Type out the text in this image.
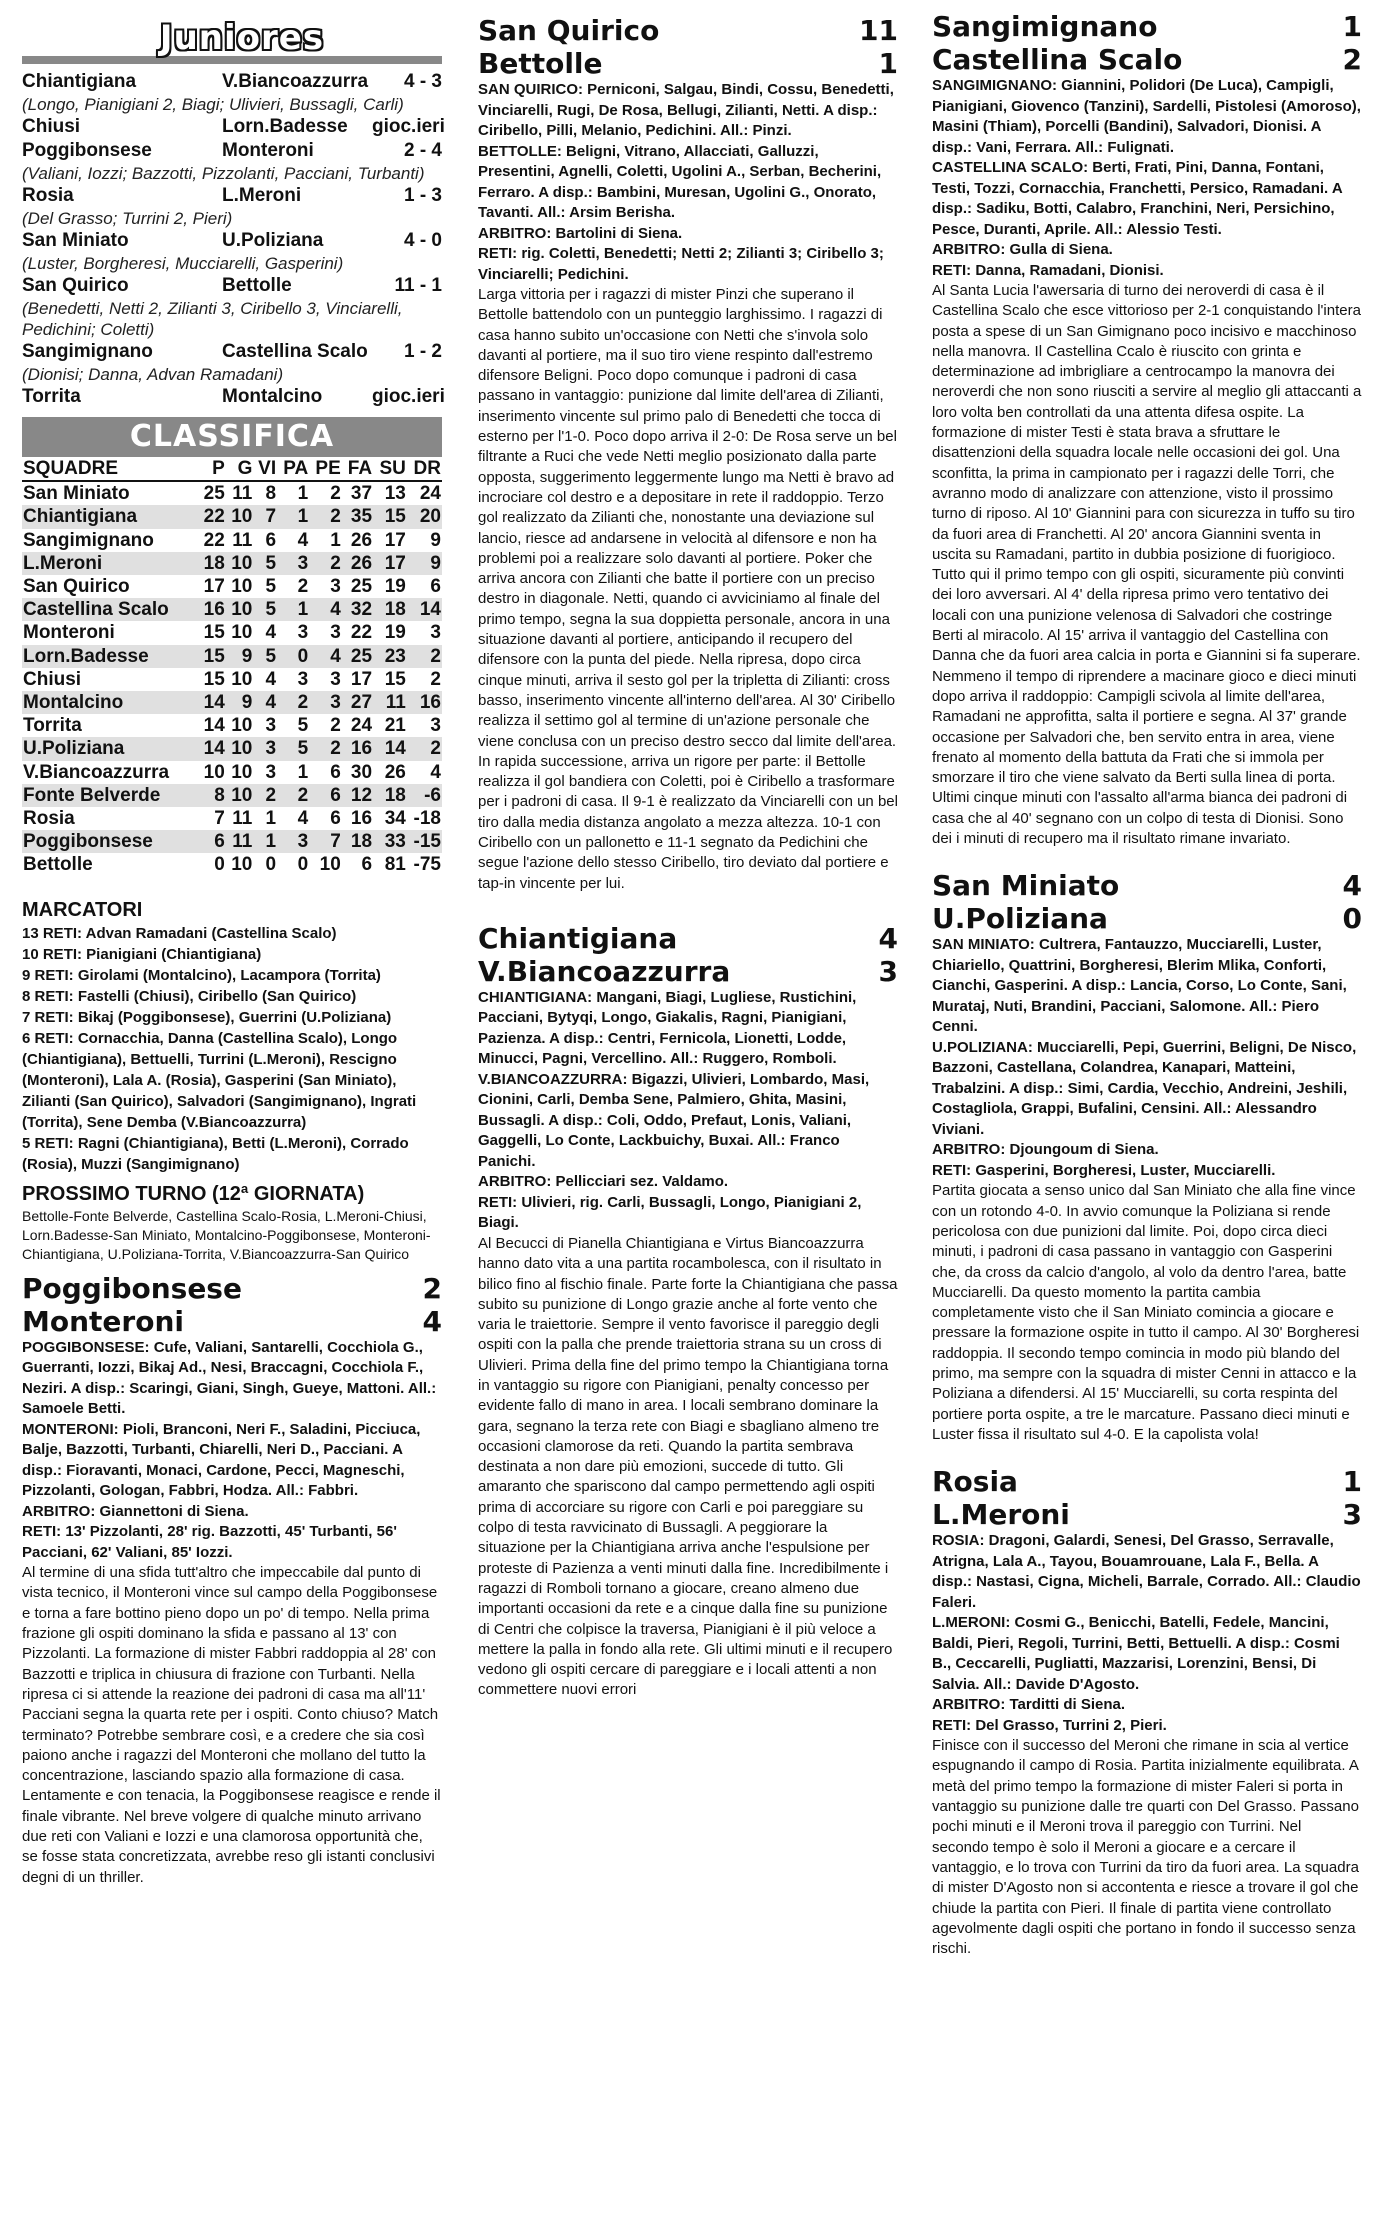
Juniores
Chiantigiana	V.Biancoazzurra	4 - 3
(Longo, Pianigiani 2, Biagi; Ulivieri, Bussagli, Carli)
Chiusi	Lorn.Badesse	gioc.ieri
Poggibonsese	Monteroni	2 - 4
(Valiani, Iozzi; Bazzotti, Pizzolanti, Pacciani, Turbanti)
Rosia	L.Meroni	1 - 3
(Del Grasso; Turrini 2, Pieri)
San Miniato	U.Poliziana	4 - 0
(Luster, Borgheresi, Mucciarelli, Gasperini)
San Quirico	Bettolle	11 - 1
(Benedetti, Netti 2, Zilianti 3, Ciribello 3, Vinciarelli, Pedichini; Coletti)
Sangimignano	Castellina Scalo	1 - 2
(Dionisi; Danna, Advan Ramadani)
Torrita	Montalcino	gioc.ieri
CLASSIFICA
SQUADRE	P	G	VI	PA	PE	FA	SU	DR
San Miniato	25	11	8	1	2	37	13	24
Chiantigiana	22	10	7	1	2	35	15	20
Sangimignano	22	11	6	4	1	26	17	9
L.Meroni	18	10	5	3	2	26	17	9
San Quirico	17	10	5	2	3	25	19	6
Castellina Scalo	16	10	5	1	4	32	18	14
Monteroni	15	10	4	3	3	22	19	3
Lorn.Badesse	15	9	5	0	4	25	23	2
Chiusi	15	10	4	3	3	17	15	2
Montalcino	14	9	4	2	3	27	11	16
Torrita	14	10	3	5	2	24	21	3
U.Poliziana	14	10	3	5	2	16	14	2
V.Biancoazzurra	10	10	3	1	6	30	26	4
Fonte Belverde	8	10	2	2	6	12	18	-6
Rosia	7	11	1	4	6	16	34	-18
Poggibonsese	6	11	1	3	7	18	33	-15
Bettolle	0	10	0	0	10	6	81	-75
MARCATORI
13 RETI: Advan Ramadani (Castellina Scalo)
10 RETI: Pianigiani (Chiantigiana)
9 RETI: Girolami (Montalcino), Lacampora (Torrita)
8 RETI: Fastelli (Chiusi), Ciribello (San Quirico)
7 RETI: Bikaj (Poggibonsese), Guerrini (U.Poliziana)
6 RETI: Cornacchia, Danna (Castellina Scalo), Longo (Chiantigiana), Bettuelli, Turrini (L.Meroni), Rescigno (Monteroni), Lala A. (Rosia), Gasperini (San Miniato), Zilianti (San Quirico), Salvadori (Sangimignano), Ingrati (Torrita), Sene Demba (V.Biancoazzurra)
5 RETI: Ragni (Chiantigiana), Betti (L.Meroni), Corrado (Rosia), Muzzi (Sangimignano)
PROSSIMO TURNO (12ª GIORNATA)
Bettolle-Fonte Belverde, Castellina Scalo-Rosia, L.Meroni-Chiusi, Lorn.Badesse-San Miniato, Montalcino-Poggibonsese, Monteroni-Chiantigiana, U.Poliziana-Torrita, V.Biancoazzurra-San Quirico
Poggibonsese	2
Monteroni	4

POGGIBONSESE: Cufe, Valiani, Santarelli, Cocchiola G., Guerranti, Iozzi, Bikaj Ad., Nesi, Braccagni, Cocchiola F., Neziri. A disp.: Scaringi, Giani, Singh, Gueye, Mattoni. All.: Samoele Betti.

MONTERONI: Pioli, Branconi, Neri F., Saladini, Picciuca, Balje, Bazzotti, Turbanti, Chiarelli, Neri D., Pacciani. A disp.: Fioravanti, Monaci, Cardone, Pecci, Magneschi, Pizzolanti, Gologan, Fabbri, Hodza. All.: Fabbri.

ARBITRO: Giannettoni di Siena.

RETI: 13' Pizzolanti, 28' rig. Bazzotti, 45' Turbanti, 56' Pacciani, 62' Valiani, 85' Iozzi.

Al termine di una sfida tutt'altro che impeccabile dal punto di vista tecnico, il Monteroni vince sul campo della Poggibonsese e torna a fare bottino pieno dopo un po' di tempo. Nella prima frazione gli ospiti dominano la sfida e passano al 13' con Pizzolanti. La formazione di mister Fabbri raddoppia al 28' con Bazzotti e triplica in chiusura di frazione con Turbanti. Nella ripresa ci si attende la reazione dei padroni di casa ma all'11' Pacciani segna la quarta rete per i ospiti. Conto chiuso? Match terminato? Potrebbe sembrare così, e a credere che sia così paiono anche i ragazzi del Monteroni che mollano del tutto la concentrazione, lasciando spazio alla formazione di casa. Lentamente e con tenacia, la Poggibonsese reagisce e rende il finale vibrante. Nel breve volgere di qualche minuto arrivano due reti con Valiani e Iozzi e una clamorosa opportunità che, se fosse stata concretizzata, avrebbe reso gli istanti conclusivi degni di un thriller.
San Quirico	11
Bettolle	1

SAN QUIRICO: Perniconi, Salgau, Bindi, Cossu, Benedetti, Vinciarelli, Rugi, De Rosa, Bellugi, Zilianti, Netti. A disp.: Ciribello, Pilli, Melanio, Pedichini. All.: Pinzi.

BETTOLLE: Beligni, Vitrano, Allacciati, Galluzzi, Presentini, Agnelli, Coletti, Ugolini A., Serban, Becherini, Ferraro. A disp.: Bambini, Muresan, Ugolini G., Onorato, Tavanti. All.: Arsim Berisha.

ARBITRO: Bartolini di Siena.

RETI: rig. Coletti, Benedetti; Netti 2; Zilianti 3; Ciribello 3; Vinciarelli; Pedichini.

Larga vittoria per i ragazzi di mister Pinzi che superano il Bettolle battendolo con un punteggio larghissimo. I ragazzi di casa hanno subito un'occasione con Netti che s'invola solo davanti al portiere, ma il suo tiro viene respinto dall'estremo difensore Beligni. Poco dopo comunque i padroni di casa passano in vantaggio: punizione dal limite dell'area di Zilianti, inserimento vincente sul primo palo di Benedetti che tocca di esterno per l'1-0. Poco dopo arriva il 2-0: De Rosa serve un bel filtrante a Ruci che vede Netti meglio posizionato dalla parte opposta, suggerimento leggermente lungo ma Netti è bravo ad incrociare col destro e a depositare in rete il raddoppio. Terzo gol realizzato da Zilianti che, nonostante una deviazione sul lancio, riesce ad andarsene in velocità al difensore e non ha problemi poi a realizzare solo davanti al portiere. Poker che arriva ancora con Zilianti che batte il portiere con un preciso destro in diagonale. Netti, quando ci avviciniamo al finale del primo tempo, segna la sua doppietta personale, ancora in una situazione davanti al portiere, anticipando il recupero del difensore con la punta del piede. Nella ripresa, dopo circa cinque minuti, arriva il sesto gol per la tripletta di Zilianti: cross basso, inserimento vincente all'interno dell'area. Al 30' Ciribello realizza il settimo gol al termine di un'azione personale che viene conclusa con un preciso destro secco dal limite dell'area. In rapida successione, arriva un rigore per parte: il Bettolle realizza il gol bandiera con Coletti, poi è Ciribello a trasformare per i padroni di casa. Il 9-1 è realizzato da Vinciarelli con un bel tiro dalla media distanza angolato a mezza altezza. 10-1 con Ciribello con un pallonetto e 11-1 segnato da Pedichini che segue l'azione dello stesso Ciribello, tiro deviato dal portiere e tap-in vincente per lui.
Chiantigiana	4
V.Biancoazzurra	3

CHIANTIGIANA: Mangani, Biagi, Lugliese, Rustichini, Pacciani, Bytyqi, Longo, Giakalis, Ragni, Pianigiani, Pazienza. A disp.: Centri, Fernicola, Lionetti, Lodde, Minucci, Pagni, Vercellino. All.: Ruggero, Romboli.

V.BIANCOAZZURRA: Bigazzi, Ulivieri, Lombardo, Masi, Cionini, Carli, Demba Sene, Palmiero, Ghita, Masini, Bussagli. A disp.: Coli, Oddo, Prefaut, Lonis, Valiani, Gaggelli, Lo Conte, Lackbuichy, Buxai. All.: Franco Panichi.

ARBITRO: Pellicciari sez. Valdamo.

RETI: Ulivieri, rig. Carli, Bussagli, Longo, Pianigiani 2, Biagi.

Al Becucci di Pianella Chiantigiana e Virtus Biancoazzurra hanno dato vita a una partita rocambolesca, con il risultato in bilico fino al fischio finale. Parte forte la Chiantigiana che passa subito su punizione di Longo grazie anche al forte vento che varia le traiettorie. Sempre il vento favorisce il pareggio degli ospiti con la palla che prende traiettoria strana su un cross di Ulivieri. Prima della fine del primo tempo la Chiantigiana torna in vantaggio su rigore con Pianigiani, penalty concesso per evidente fallo di mano in area. I locali sembrano dominare la gara, segnano la terza rete con Biagi e sbagliano almeno tre occasioni clamorose da reti. Quando la partita sembrava destinata a non dare più emozioni, succede di tutto. Gli amaranto che sparisconο dal campo permettendo agli ospiti prima di accorciare su rigore con Carli e poi pareggiare su colpo di testa ravvicinato di Bussagli. A peggiorare la situazione per la Chiantigiana arriva anche l'espulsione per proteste di Pazienza a venti minuti dalla fine. Incredibilmente i ragazzi di Romboli tornano a giocare, creano almeno due importanti occasioni da rete e a cinque dalla fine su punizione di Centri che colpisce la traversa, Pianigiani è il più veloce a mettere la palla in fondo alla rete. Gli ultimi minuti e il recupero vedono gli ospiti cercare di pareggiare e i locali attenti a non commettere nuovi errori
Sangimignano	1
Castellina Scalo	2

SANGIMIGNANO: Giannini, Polidori (De Luca), Campigli, Pianigiani, Giovenco (Tanzini), Sardelli, Pistolesi (Amoroso), Masini (Thiam), Porcelli (Bandini), Salvadori, Dionisi. A disp.: Vani, Ferrara. All.: Fulignati.

CASTELLINA SCALO: Berti, Frati, Pini, Danna, Fontani, Testi, Tozzi, Cornacchia, Franchetti, Persico, Ramadani. A disp.: Sadiku, Botti, Calabro, Franchini, Neri, Persichino, Pesce, Duranti, Aprile. All.: Alessio Testi.

ARBITRO: Gulla di Siena.

RETI: Danna, Ramadani, Dionisi.

Al Santa Lucia l'awersaria di turno dei neroverdi di casa è il Castellina Scalo che esce vittorioso per 2-1 conquistando l'intera posta a spese di un San Gimignano poco incisivo e macchinoso nella manovra. Il Castellina Ccalo è riuscito con grinta e determinazione ad imbrigliare a centrocampo la manovra dei neroverdi che non sono riusciti a servire al meglio gli attaccanti a loro volta ben controllati da una attenta difesa ospite. La formazione di mister Testi è stata brava a sfruttare le disattenzioni della squadra locale nelle occasioni dei gol. Una sconfitta, la prima in campionato per i ragazzi delle Torri, che avranno modo di analizzare con attenzione, visto il prossimo turno di riposo. Al 10' Giannini para con sicurezza in tuffo su tiro da fuori area di Franchetti. Al 20' ancora Giannini sventa in uscita su Ramadani, partito in dubbia posizione di fuorigioco. Tutto qui il primo tempo con gli ospiti, sicuramente più convinti dei loro avversari. Al 4' della ripresa primo vero tentativo dei locali con una punizione velenosa di Salvadori che costringe Berti al miracolo. Al 15' arriva il vantaggio del Castellina con Danna che da fuori area calcia in porta e Giannini si fa superare. Nemmeno il tempo di riprendere a macinare gioco e dieci minuti dopo arriva il raddoppio: Campigli scivola al limite dell'area, Ramadani ne approfitta, salta il portiere e segna. Al 37' grande occasione per Salvadori che, ben servito entra in area, viene frenato al momento della battuta da Frati che si immola per smorzare il tiro che viene salvato da Berti sulla linea di porta. Ultimi cinque minuti con l'assalto all'arma bianca dei padroni di casa che al 40' segnano con un colpo di testa di Dionisi. Sono dei i minuti di recupero ma il risultato rimane invariato.
San Miniato	4
U.Poliziana	0

SAN MINIATO: Cultrera, Fantauzzo, Mucciarelli, Luster, Chiariello, Quattrini, Borgheresi, Blerim Mlika, Conforti, Cianchi, Gasperini. A disp.: Lancia, Corso, Lo Conte, Sani, Murataj, Nuti, Brandini, Pacciani, Salomone. All.: Piero Cenni.

U.POLIZIANA: Mucciarelli, Pepi, Guerrini, Beligni, De Nisco, Bazzoni, Castellana, Colandrea, Kanapari, Matteini, Trabalzini. A disp.: Simi, Cardia, Vecchio, Andreini, Jeshili, Costagliola, Grappi, Bufalini, Censini. All.: Alessandro Viviani.

ARBITRO: Djoungoum di Siena.

RETI: Gasperini, Borgheresi, Luster, Mucciarelli.

Partita giocata a senso unico dal San Miniato che alla fine vince con un rotondo 4-0. In avvio comunque la Poliziana si rende pericolosa con due punizioni dal limite. Poi, dopo circa dieci minuti, i padroni di casa passano in vantaggio con Gasperini che, da cross da calcio d'angolo, al volo da dentro l'area, batte Mucciarelli. Da questo momento la partita cambia completamente visto che il San Miniato comincia a giocare e pressare la formazione ospite in tutto il campo. Al 30' Borgheresi raddoppia. Il secondo tempo comincia in modo più blando del primo, ma sempre con la squadra di mister Cenni in attacco e la Poliziana a difendersi. Al 15' Mucciarelli, su corta respinta del portiere porta ospite, a tre le marcature. Passano dieci minuti e Luster fissa il risultato sul 4-0. E la capolista vola!
Rosia	1
L.Meroni	3

ROSIA: Dragoni, Galardi, Senesi, Del Grasso, Serravalle, Atrigna, Lala A., Tayou, Bouamrouane, Lala F., Bella. A disp.: Nastasi, Cigna, Micheli, Barrale, Corrado. All.: Claudio Faleri.

L.MERONI: Cosmi G., Benicchi, Batelli, Fedele, Mancini, Baldi, Pieri, Regoli, Turrini, Betti, Bettuelli. A disp.: Cosmi B., Ceccarelli, Pugliatti, Mazzarisi, Lorenzini, Bensi, Di Salvia. All.: Davide D'Agosto.

ARBITRO: Tarditti di Siena.

RETI: Del Grasso, Turrini 2, Pieri.

Finisce con il successo del Meroni che rimane in scia al vertice espugnando il campo di Rosia. Partita inizialmente equilibrata. A metà del primo tempo la formazione di mister Faleri si porta in vantaggio su punizione dalle tre quarti con Del Grasso. Passano pochi minuti e il Meroni trova il pareggio con Turrini. Nel secondo tempo è solo il Meroni a giocare e a cercare il vantaggio, e lo trova con Turrini da tiro da fuori area. La squadra di mister D'Agosto non si accontenta e riesce a trovare il gol che chiude la partita con Pieri. Il finale di partita viene controllato agevolmente dagli ospiti che portano in fondo il successo senza rischi.
